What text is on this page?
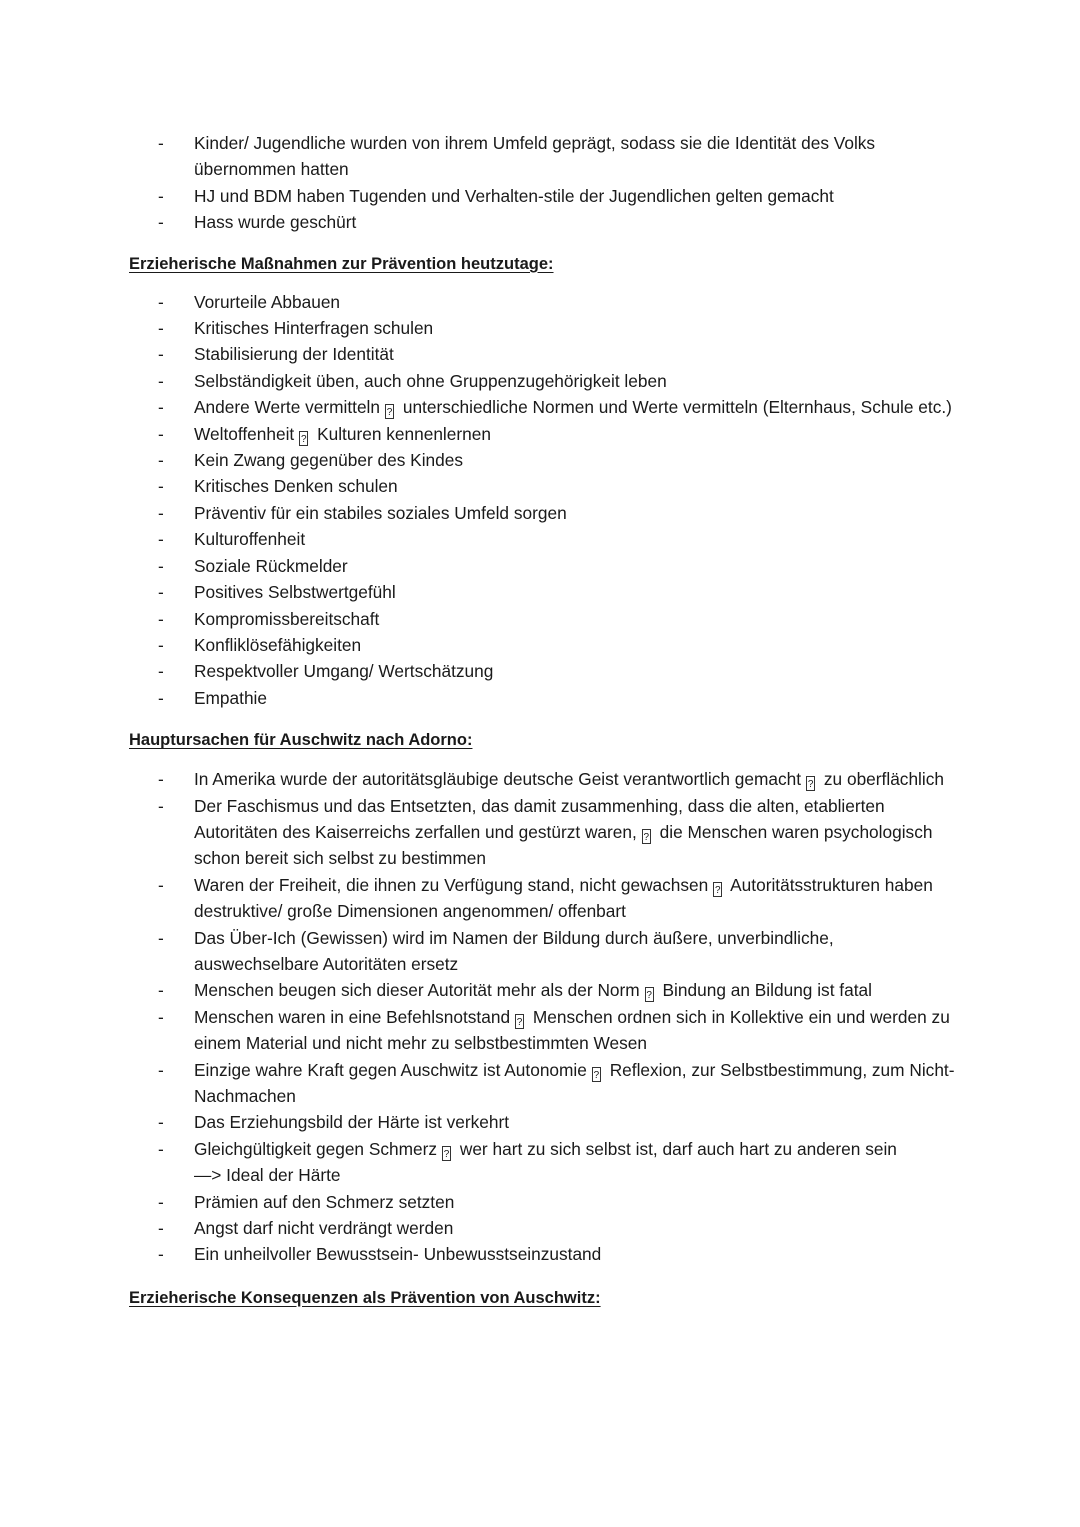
- Kinder/ Jugendliche wurden von ihrem Umfeld geprägt, sodass sie die Identität des Volks übernommen hatten
- HJ und BDM haben Tugenden und Verhalten-stile der Jugendlichen gelten gemacht
- Hass wurde geschürt
Erzieherische Maßnahmen zur Prävention heutzutage:
- Vorurteile Abbauen
- Kritisches Hinterfragen schulen
- Stabilisierung der Identität
- Selbständigkeit üben, auch ohne Gruppenzugehörigkeit leben
- Andere Werte vermitteln ? unterschiedliche Normen und Werte vermitteln (Elternhaus, Schule etc.)
- Weltoffenheit ? Kulturen kennenlernen
- Kein Zwang gegenüber des Kindes
- Kritisches Denken schulen
- Präventiv für ein stabiles soziales Umfeld sorgen
- Kulturoffenheit
- Soziale Rückmelder
- Positives Selbstwertgefühl
- Kompromissbereitschaft
- Konfliklösefähigkeiten
- Respektvoller Umgang/ Wertschätzung
- Empathie
Hauptursachen für Auschwitz nach Adorno:
- In Amerika wurde der autoritätsgläubige deutsche Geist verantwortlich gemacht ? zu oberflächlich
- Der Faschismus und das Entsetzten, das damit zusammenhing, dass die alten, etablierten Autoritäten des Kaiserreichs zerfallen und gestürzt waren, ? die Menschen waren psychologisch schon bereit sich selbst zu bestimmen
- Waren der Freiheit, die ihnen zu Verfügung stand, nicht gewachsen ? Autoritätsstrukturen haben destruktive/ große Dimensionen angenommen/ offenbart
- Das Über-Ich (Gewissen) wird im Namen der Bildung durch äußere, unverbindliche, auswechselbare Autoritäten ersetz
- Menschen beugen sich dieser Autorität mehr als der Norm ? Bindung an Bildung ist fatal
- Menschen waren in eine Befehlsnotstand ? Menschen ordnen sich in Kollektive ein und werden zu einem Material und nicht mehr zu selbstbestimmten Wesen
- Einzige wahre Kraft gegen Auschwitz ist Autonomie ? Reflexion, zur Selbstbestimmung, zum Nicht- Nachmachen
- Das Erziehungsbild der Härte ist verkehrt
- Gleichgültigkeit gegen Schmerz ? wer hart zu sich selbst ist, darf auch hart zu anderen sein
—> Ideal der Härte
- Prämien auf den Schmerz setzten
- Angst darf nicht verdrängt werden
- Ein unheilvoller Bewusstsein- Unbewusstseinzustand
Erzieherische Konsequenzen als Prävention von Auschwitz:
